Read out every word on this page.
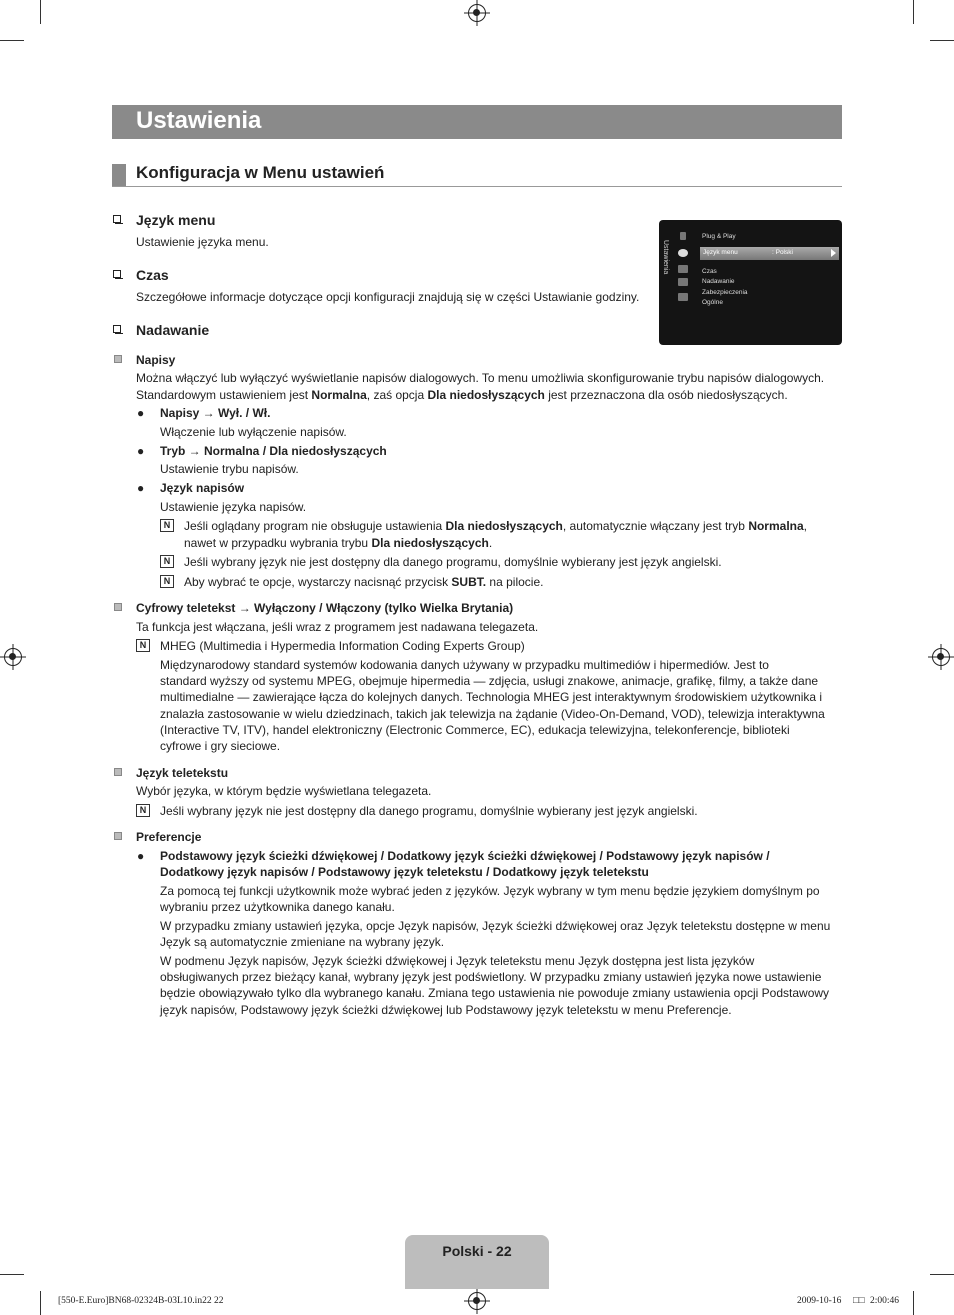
Ustawienia
Konfiguracja w Menu ustawień
Język menu
Ustawienie języka menu.
Czas
Szczegółowe informacje dotyczące opcji konfiguracji znajdują się w części Ustawianie godziny.
Nadawanie
Ustawienia
Plug & Play
Język menu	: Polski
Czas
Nadawanie
Zabezpieczenia
Ogólne
Napisy
Można włączyć lub wyłączyć wyświetlanie napisów dialogowych. To menu umożliwia skonfigurowanie trybu napisów dialogowych.
Standardowym ustawieniem jest Normalna, zaś opcja Dla niedosłyszących jest przeznaczona dla osób niedosłyszących.
● Napisy → Wył. / Wł.
Włączenie lub wyłączenie napisów.
● Tryb → Normalna / Dla niedosłyszących
Ustawienie trybu napisów.
● Język napisów
Ustawienie języka napisów.
N	Jeśli oglądany program nie obsługuje ustawienia Dla niedosłyszących, automatycznie włączany jest tryb Normalna,
nawet w przypadku wybrania trybu Dla niedosłyszących.
N	Jeśli wybrany język nie jest dostępny dla danego programu, domyślnie wybierany jest język angielski.
N	Aby wybrać te opcje, wystarczy nacisnąć przycisk SUBT. na pilocie.
Cyfrowy teletekst → Wyłączony / Włączony (tylko Wielka Brytania)
Ta funkcja jest włączana, jeśli wraz z programem jest nadawana telegazeta.
N	MHEG (Multimedia i Hypermedia Information Coding Experts Group)
Międzynarodowy standard systemów kodowania danych używany w przypadku multimediów i hipermediów. Jest to
standard wyższy od systemu MPEG, obejmuje hipermedia — zdjęcia, usługi znakowe, animacje, grafikę, filmy, a także dane
multimedialne — zawierające łącza do kolejnych danych. Technologia MHEG jest interaktywnym środowiskiem użytkownika i
znalazła zastosowanie w wielu dziedzinach, takich jak telewizja na żądanie (Video-On-Demand, VOD), telewizja interaktywna
(Interactive TV, ITV), handel elektroniczny (Electronic Commerce, EC), edukacja telewizyjna, telekonferencje, biblioteki
cyfrowe i gry sieciowe.
Język teletekstu
Wybór języka, w którym będzie wyświetlana telegazeta.
N	Jeśli wybrany język nie jest dostępny dla danego programu, domyślnie wybierany jest język angielski.
Preferencje
● Podstawowy język ścieżki dźwiękowej / Dodatkowy język ścieżki dźwiękowej / Podstawowy język napisów /
Dodatkowy język napisów / Podstawowy język teletekstu / Dodatkowy język teletekstu
Za pomocą tej funkcji użytkownik może wybrać jeden z języków. Język wybrany w tym menu będzie językiem domyślnym po
wybraniu przez użytkownika danego kanału.
W przypadku zmiany ustawień języka, opcje Język napisów, Język ścieżki dźwiękowej oraz Język teletekstu dostępne w menu
Język są automatycznie zmieniane na wybrany język.
W podmenu Język napisów, Język ścieżki dźwiękowej i Język teletekstu menu Język dostępna jest lista języków
obsługiwanych przez bieżący kanał, wybrany język jest podświetlony. W przypadku zmiany ustawień języka nowe ustawienie
będzie obowiązywało tylko dla wybranego kanału. Zmiana tego ustawienia nie powoduje zmiany ustawienia opcji Podstawowy
język napisów, Podstawowy język ścieżki dźwiękowej lub Podstawowy język teletekstu w menu Preferencje.
Polski - 22
[550-E.Euro]BN68-02324B-03L10.in22 22	2009-10-16 □□ 2:00:46
